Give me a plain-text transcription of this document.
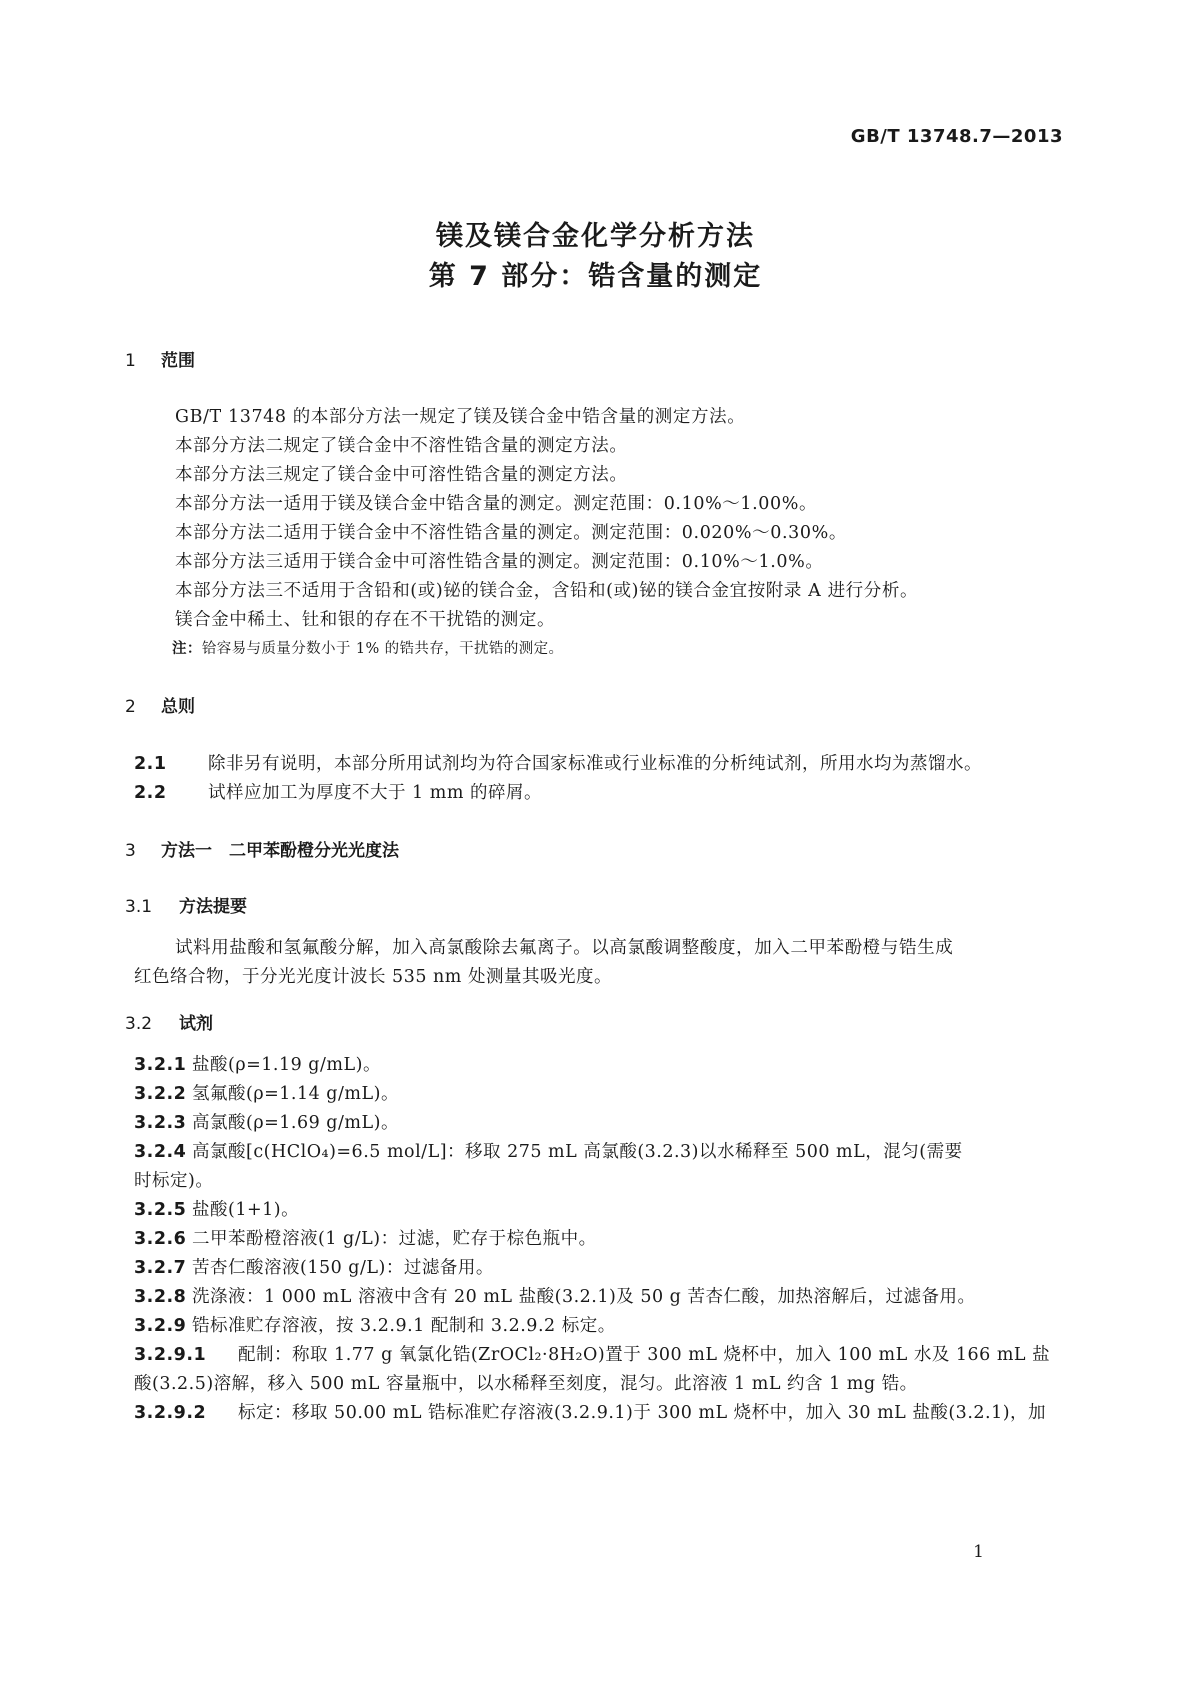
GB/T 13748.7—2013
镁及镁合金化学分析方法
第 7 部分：锆含量的测定
1 范围
GB/T 13748 的本部分方法一规定了镁及镁合金中锆含量的测定方法。
本部分方法二规定了镁合金中不溶性锆含量的测定方法。
本部分方法三规定了镁合金中可溶性锆含量的测定方法。
本部分方法一适用于镁及镁合金中锆含量的测定。测定范围：0.10%～1.00%。
本部分方法二适用于镁合金中不溶性锆含量的测定。测定范围：0.020%～0.30%。
本部分方法三适用于镁合金中可溶性锆含量的测定。测定范围：0.10%～1.0%。
本部分方法三不适用于含铅和(或)铋的镁合金，含铅和(或)铋的镁合金宜按附录 A 进行分析。
镁合金中稀土、钍和银的存在不干扰锆的测定。
注：铪容易与质量分数小于 1% 的锆共存，干扰锆的测定。
2 总则
2.1 除非另有说明，本部分所用试剂均为符合国家标准或行业标准的分析纯试剂，所用水均为蒸馏水。
2.2 试样应加工为厚度不大于 1 mm 的碎屑。
3 方法一　二甲苯酚橙分光光度法
3.1 方法提要
试料用盐酸和氢氟酸分解，加入高氯酸除去氟离子。以高氯酸调整酸度，加入二甲苯酚橙与锆生成
红色络合物，于分光光度计波长 535 nm 处测量其吸光度。
3.2 试剂
3.2.1 盐酸(ρ=1.19 g/mL)。
3.2.2 氢氟酸(ρ=1.14 g/mL)。
3.2.3 高氯酸(ρ=1.69 g/mL)。
3.2.4 高氯酸[c(HClO₄)=6.5 mol/L]：移取 275 mL 高氯酸(3.2.3)以水稀释至 500 mL，混匀(需要
时标定)。
3.2.5 盐酸(1+1)。
3.2.6 二甲苯酚橙溶液(1 g/L)：过滤，贮存于棕色瓶中。
3.2.7 苦杏仁酸溶液(150 g/L)：过滤备用。
3.2.8 洗涤液：1 000 mL 溶液中含有 20 mL 盐酸(3.2.1)及 50 g 苦杏仁酸，加热溶解后，过滤备用。
3.2.9 锆标准贮存溶液，按 3.2.9.1 配制和 3.2.9.2 标定。
3.2.9.1 配制：称取 1.77 g 氧氯化锆(ZrOCl₂·8H₂O)置于 300 mL 烧杯中，加入 100 mL 水及 166 mL 盐
酸(3.2.5)溶解，移入 500 mL 容量瓶中，以水稀释至刻度，混匀。此溶液 1 mL 约含 1 mg 锆。
3.2.9.2 标定：移取 50.00 mL 锆标准贮存溶液(3.2.9.1)于 300 mL 烧杯中，加入 30 mL 盐酸(3.2.1)，加
1
